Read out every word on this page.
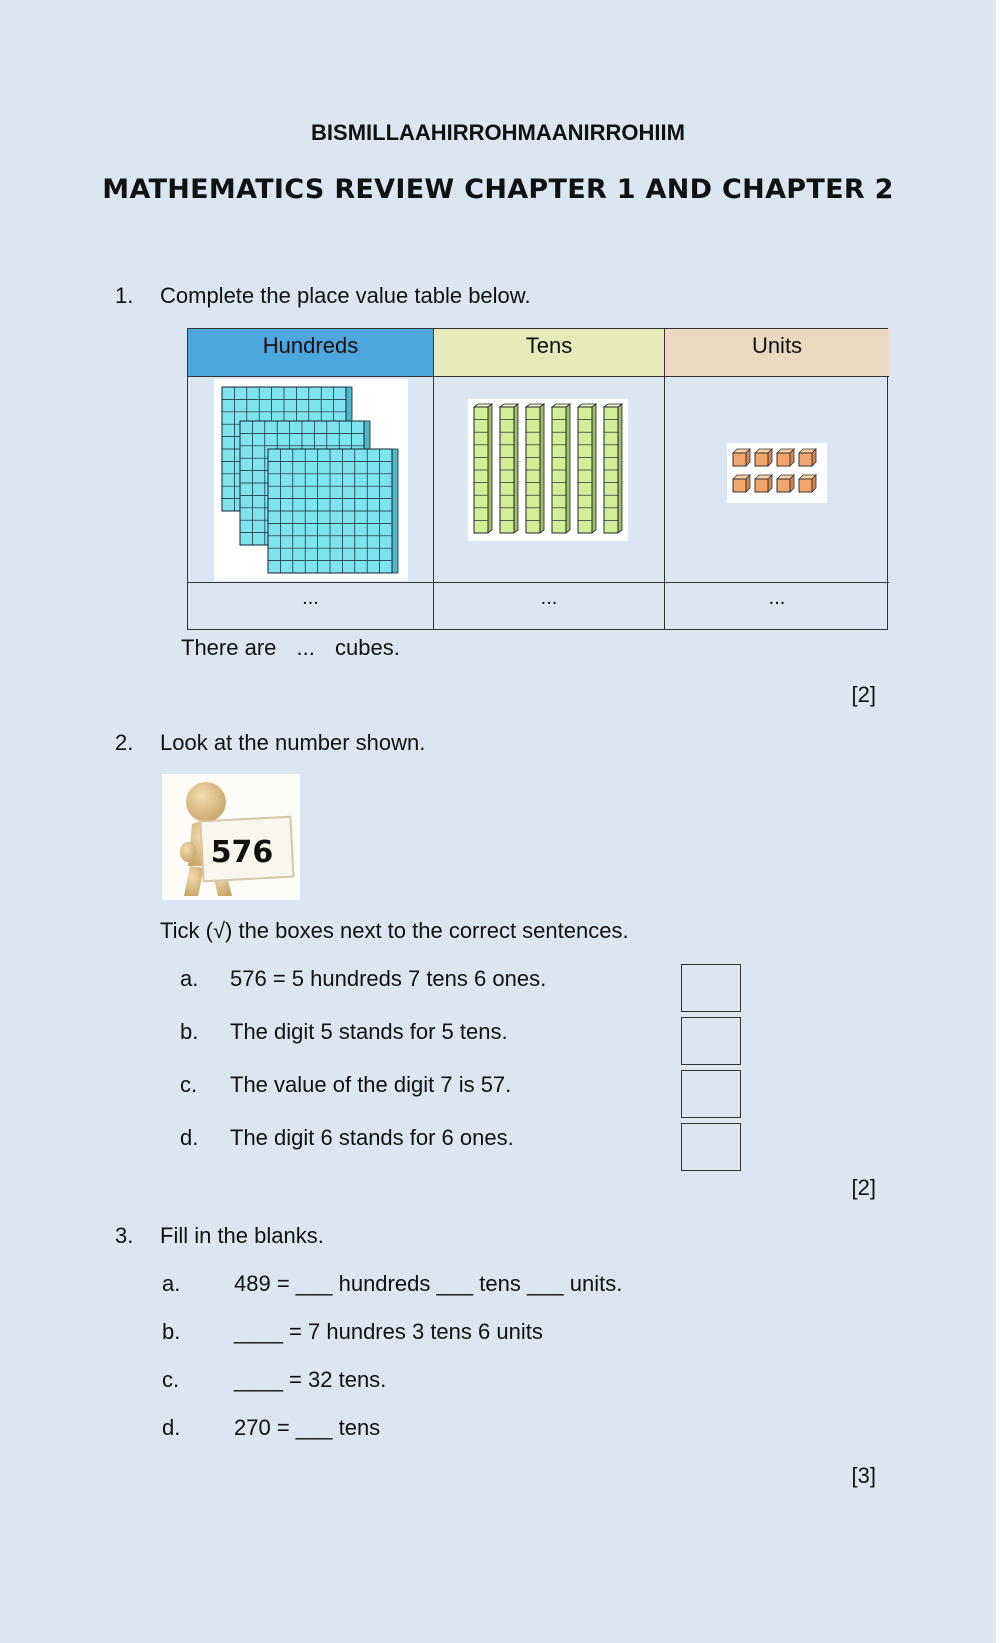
BISMILLAAHIRROHMAANIRROHIIM
MATHEMATICS REVIEW CHAPTER 1 AND CHAPTER 2
1. Complete the place value table below.
Hundreds	Tens	Units
...	...	...
There are ... cubes.
[2]
2. Look at the number shown.
576
Tick (√) the boxes next to the correct sentences.
a. 576 = 5 hundreds 7 tens 6 ones.
b. The digit 5 stands for 5 tens.
c. The value of the digit 7 is 57.
d. The digit 6 stands for 6 ones.
[2]
3. Fill in the blanks.
a. 489 = ___ hundreds ___ tens ___ units.
b. ____ = 7 hundres 3 tens 6 units
c. ____ = 32 tens.
d. 270 = ___ tens
[3]
